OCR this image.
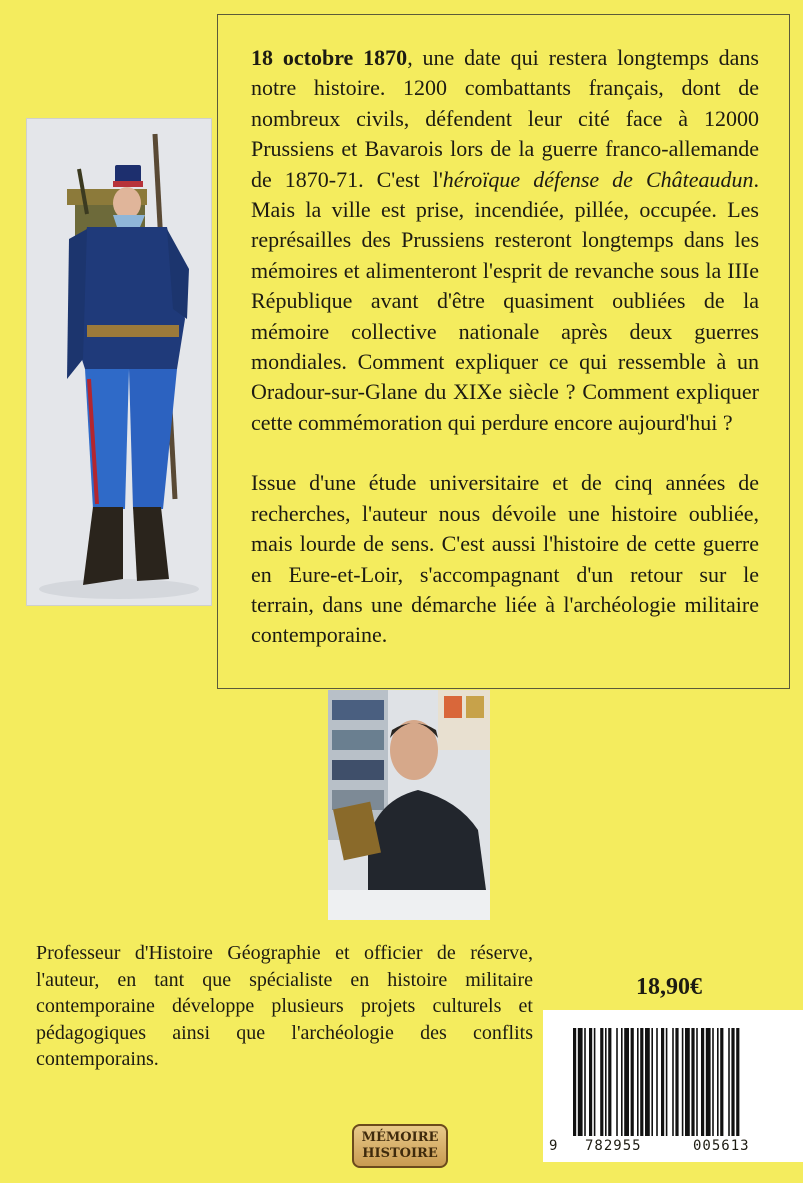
18 octobre 1870, une date qui restera longtemps dans notre histoire. 1200 combattants français, dont de nombreux civils, défendent leur cité face à 12000 Prussiens et Bavarois lors de la guerre franco-allemande de 1870-71. C'est l'héroïque défense de Châteaudun. Mais la ville est prise, incendiée, pillée, occupée. Les représailles des Prussiens resteront longtemps dans les mémoires et alimenteront l'esprit de revanche sous la IIIe République avant d'être quasiment oubliées de la mémoire collective nationale après deux guerres mondiales. Comment expliquer ce qui ressemble à un Oradour-sur-Glane du XIXe siècle ? Comment expliquer cette commémoration qui perdure encore aujourd'hui ?

Issue d'une étude universitaire et de cinq années de recherches, l'auteur nous dévoile une histoire oubliée, mais lourde de sens. C'est aussi l'histoire de cette guerre en Eure-et-Loir, s'accompagnant d'un retour sur le terrain, dans une démarche liée à l'archéologie militaire contemporaine.

Professeur d'Histoire Géographie et officier de réserve, l'auteur, en tant que spécialiste en histoire militaire contemporaine développe plusieurs projets culturels et pédagogiques ainsi que l'archéologie des conflits contemporains.

18,90€
9 782955	005613
MÉMOIRE
HISTOIRE
